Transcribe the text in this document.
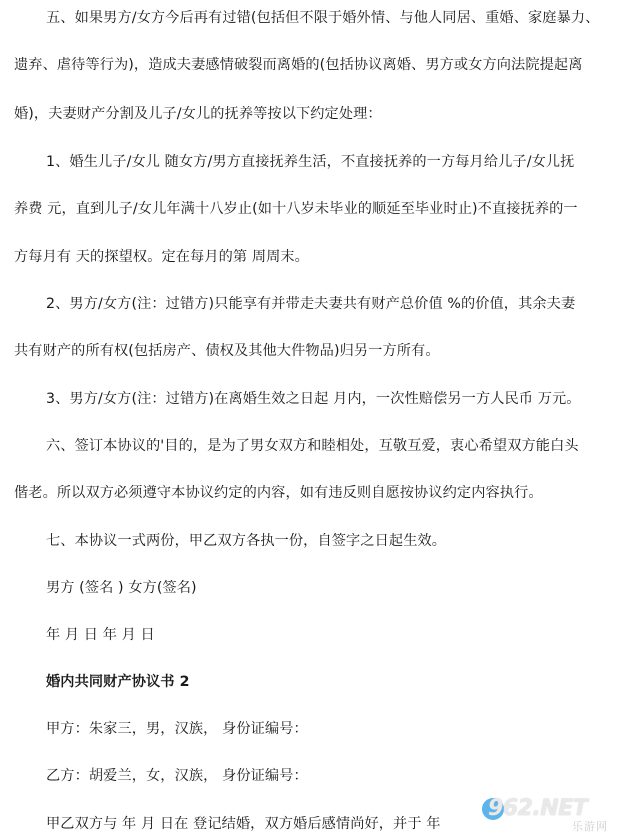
五、如果男方/女方今后再有过错(包括但不限于婚外情、与他人同居、重婚、家庭暴力、
遗弃、虐待等行为)，造成夫妻感情破裂而离婚的(包括协议离婚、男方或女方向法院提起离
婚)，夫妻财产分割及儿子/女儿的抚养等按以下约定处理：
1、婚生儿子/女儿 随女方/男方直接抚养生活，不直接抚养的一方每月给儿子/女儿抚
养费 元，直到儿子/女儿年满十八岁止(如十八岁未毕业的顺延至毕业时止)不直接抚养的一
方每月有 天的探望权。定在每月的第 周周末。
2、男方/女方(注：过错方)只能享有并带走夫妻共有财产总价值 %的价值，其余夫妻
共有财产的所有权(包括房产、债权及其他大件物品)归另一方所有。
3、男方/女方(注：过错方)在离婚生效之日起 月内，一次性赔偿另一方人民币 万元。
六、签订本协议的'目的，是为了男女双方和睦相处，互敬互爱，衷心希望双方能白头
偕老。所以双方必须遵守本协议约定的内容，如有违反则自愿按协议约定内容执行。
七、本协议一式两份，甲乙双方各执一份，自签字之日起生效。
男方 (签名 ) 女方(签名)
年 月 日 年 月 日
婚内共同财产协议书 2
甲方：朱家三，男，汉族， 身份证编号：
乙方：胡爱兰，女，汉族， 身份证编号：
甲乙双方与 年 月 日在 登记结婚，双方婚后感情尚好，并于 年
962.NET
乐游网
